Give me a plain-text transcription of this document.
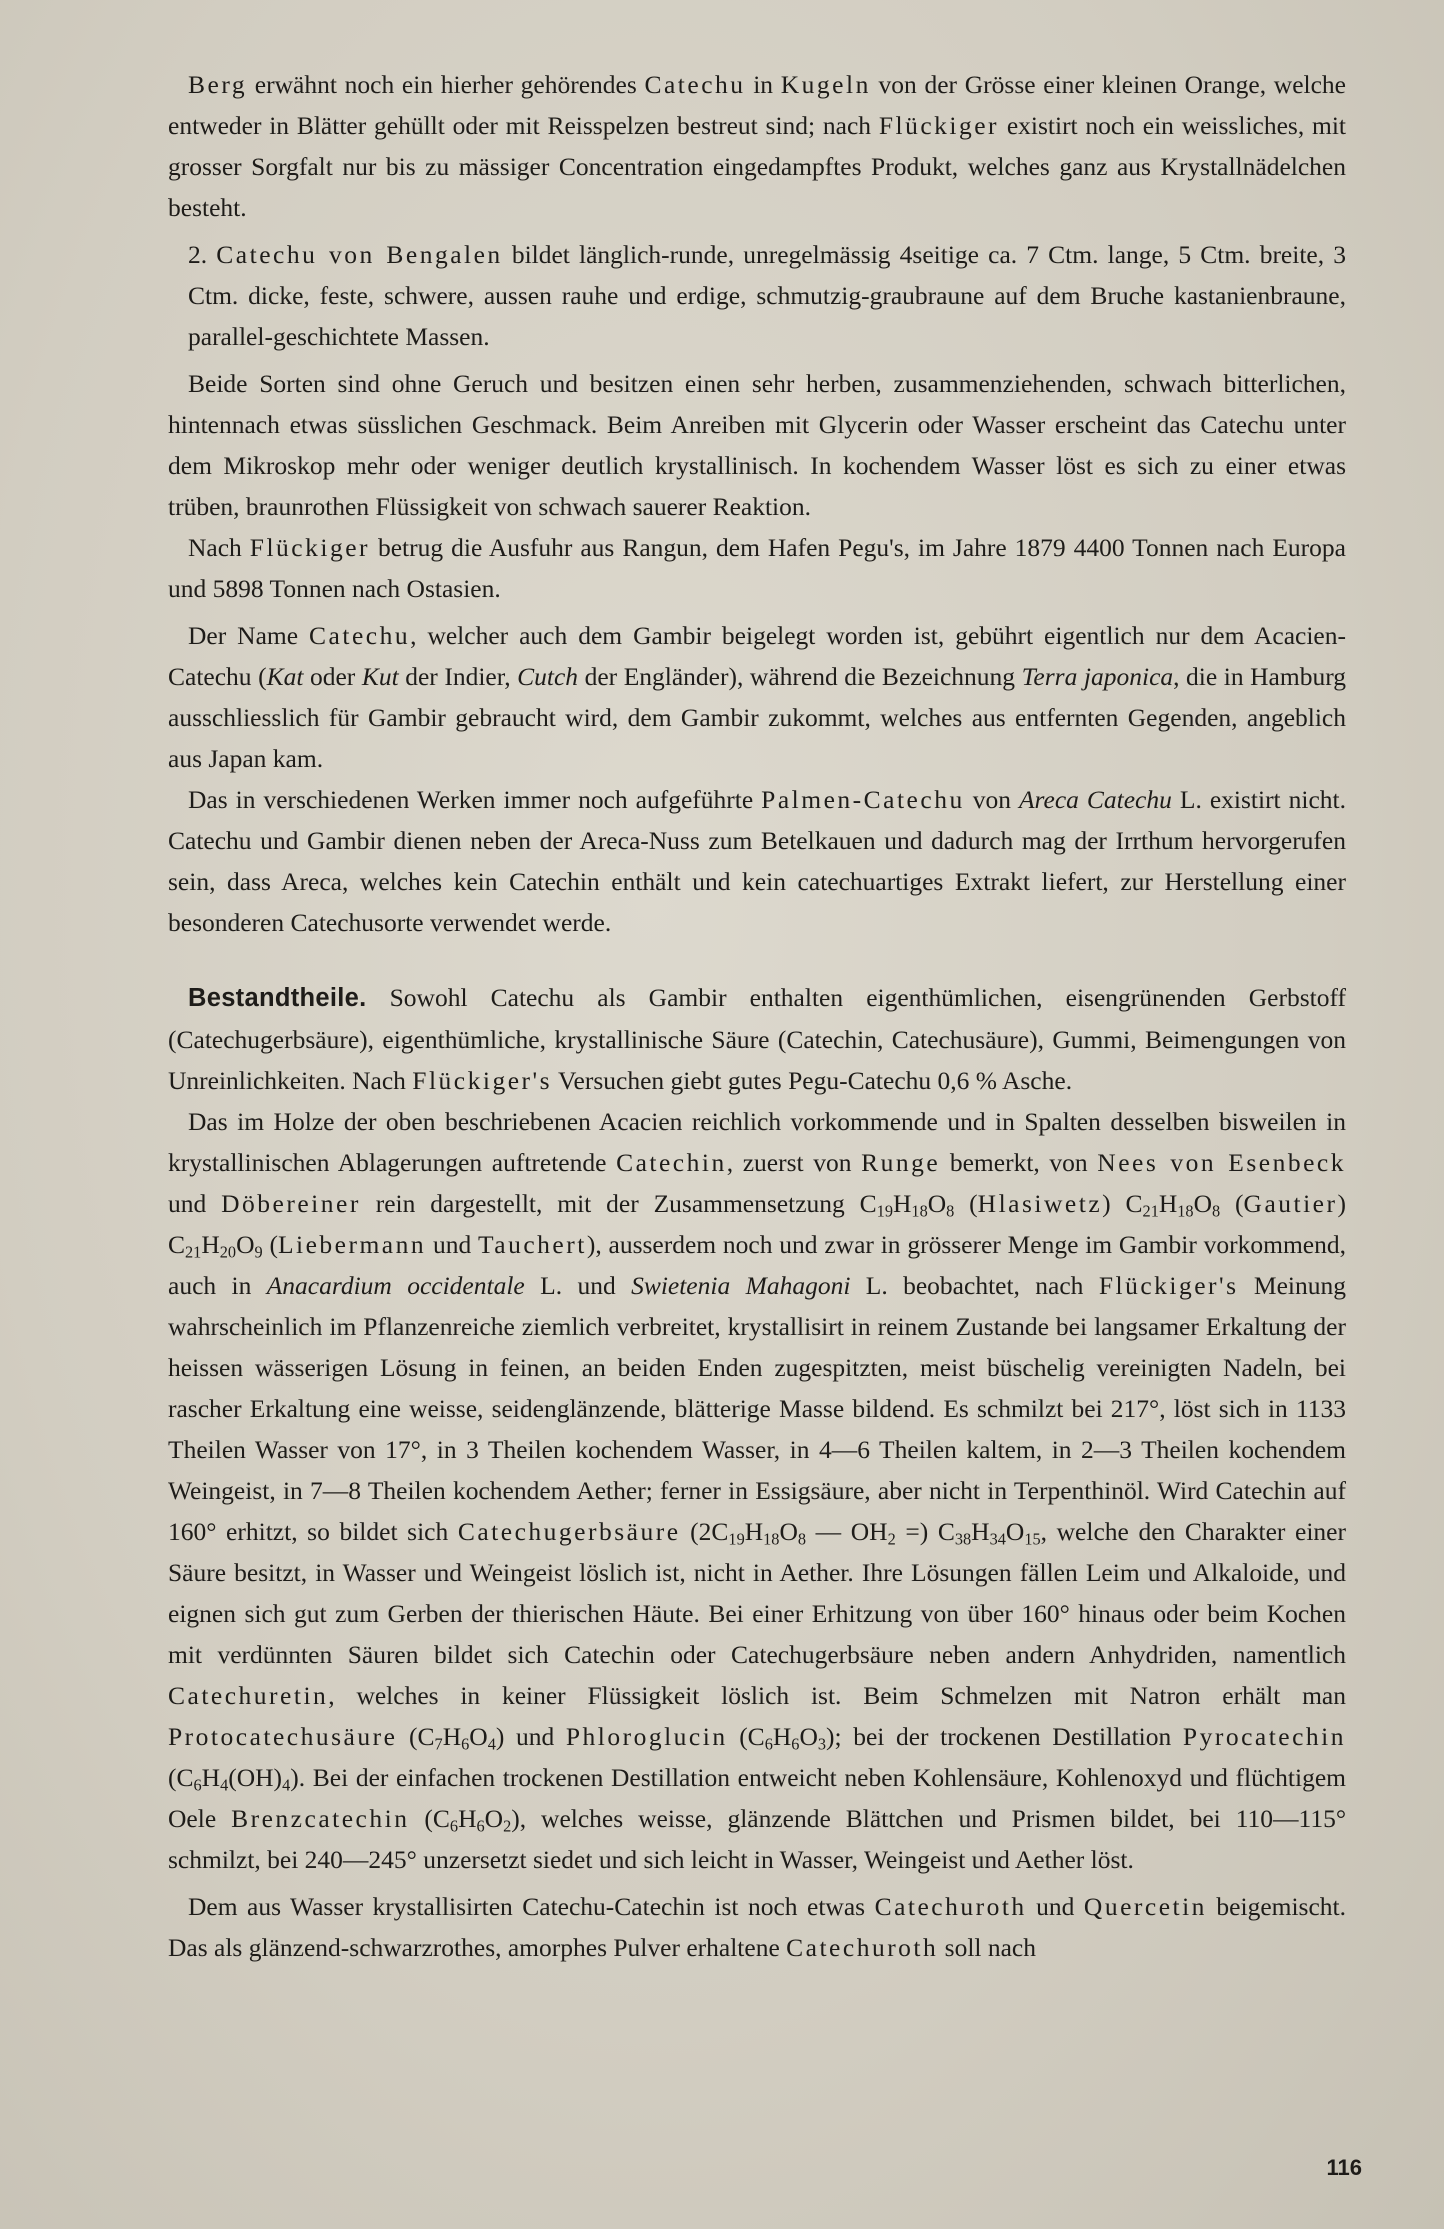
Berg erwähnt noch ein hierher gehörendes Catechu in Kugeln von der Grösse einer kleinen Orange, welche entweder in Blätter gehüllt oder mit Reisspelzen bestreut sind; nach Flückiger existirt noch ein weissliches, mit grosser Sorgfalt nur bis zu mässiger Concentration eingedampftes Produkt, welches ganz aus Krystallnädelchen besteht.

2. Catechu von Bengalen bildet länglich-runde, unregelmässig 4seitige ca. 7 Ctm. lange, 5 Ctm. breite, 3 Ctm. dicke, feste, schwere, aussen rauhe und erdige, schmutzig-graubraune auf dem Bruche kastanienbraune, parallel-geschichtete Massen.

Beide Sorten sind ohne Geruch und besitzen einen sehr herben, zusammenziehenden, schwach bitterlichen, hintennach etwas süsslichen Geschmack. Beim Anreiben mit Glycerin oder Wasser erscheint das Catechu unter dem Mikroskop mehr oder weniger deutlich krystallinisch. In kochendem Wasser löst es sich zu einer etwas trüben, braunrothen Flüssigkeit von schwach sauerer Reaktion.

Nach Flückiger betrug die Ausfuhr aus Rangun, dem Hafen Pegu's, im Jahre 1879 4400 Tonnen nach Europa und 5898 Tonnen nach Ostasien.

Der Name Catechu, welcher auch dem Gambir beigelegt worden ist, gebührt eigentlich nur dem Acacien-Catechu (Kat oder Kut der Indier, Cutch der Engländer), während die Bezeichnung Terra japonica, die in Hamburg ausschliesslich für Gambir gebraucht wird, dem Gambir zukommt, welches aus entfernten Gegenden, angeblich aus Japan kam.

Das in verschiedenen Werken immer noch aufgeführte Palmen-Catechu von Areca Catechu L. existirt nicht. Catechu und Gambir dienen neben der Areca-Nuss zum Betelkauen und dadurch mag der Irrthum hervorgerufen sein, dass Areca, welches kein Catechin enthält und kein catechuartiges Extrakt liefert, zur Herstellung einer besonderen Catechusorte verwendet werde.

Bestandtheile. Sowohl Catechu als Gambir enthalten eigenthümlichen, eisengrünenden Gerbstoff (Catechugerbsäure), eigenthümliche, krystallinische Säure (Catechin, Catechusäure), Gummi, Beimengungen von Unreinlichkeiten. Nach Flückiger's Versuchen giebt gutes Pegu-Catechu 0,6 % Asche.

Das im Holze der oben beschriebenen Acacien reichlich vorkommende und in Spalten desselben bisweilen in krystallinischen Ablagerungen auftretende Catechin, zuerst von Runge bemerkt, von Nees von Esenbeck und Döbereiner rein dargestellt, mit der Zusammensetzung $C_{19}H_{18}O_8$ (Hlasiwetz) $C_{21}H_{18}O_8$ (Gautier) $C_{21}H_{20}O_9$ (Liebermann und Tauchert), ausserdem noch und zwar in grösserer Menge im Gambir vorkommend, auch in Anacardium occidentale L. und Swietenia Mahagoni L. beobachtet, nach Flückiger's Meinung wahrscheinlich im Pflanzenreiche ziemlich verbreitet, krystallisirt in reinem Zustande bei langsamer Erkaltung der heissen wässerigen Lösung in feinen, an beiden Enden zugespitzten, meist büschelig vereinigten Nadeln, bei rascher Erkaltung eine weisse, seidenglänzende, blätterige Masse bildend. Es schmilzt bei 217°, löst sich in 1133 Theilen Wasser von 17°, in 3 Theilen kochendem Wasser, in 4—6 Theilen kaltem, in 2—3 Theilen kochendem Weingeist, in 7—8 Theilen kochendem Aether; ferner in Essigsäure, aber nicht in Terpenthinöl. Wird Catechin auf 160° erhitzt, so bildet sich Catechugerbsäure ($2C_{19}H_{18}O_8$ — $OH_2$ =) $C_{38}H_{34}O_{15}$, welche den Charakter einer Säure besitzt, in Wasser und Weingeist löslich ist, nicht in Aether. Ihre Lösungen fällen Leim und Alkaloide, und eignen sich gut zum Gerben der thierischen Häute. Bei einer Erhitzung von über 160° hinaus oder beim Kochen mit verdünnten Säuren bildet sich Catechin oder Catechugerbsäure neben andern Anhydriden, namentlich Catechuretin, welches in keiner Flüssigkeit löslich ist. Beim Schmelzen mit Natron erhält man Protocatechusäure $(C_7H_6O_4)$ und Phloroglucin $(C_6H_6O_3)$; bei der trockenen Destillation Pyrocatechin $(C_6H_4(OH)_4)$. Bei der einfachen trockenen Destillation entweicht neben Kohlensäure, Kohlenoxyd und flüchtigem Oele Brenzcatechin $(C_6H_6O_2)$, welches weisse, glänzende Blättchen und Prismen bildet, bei 110—115° schmilzt, bei 240—245° unzersetzt siedet und sich leicht in Wasser, Weingeist und Aether löst.

Dem aus Wasser krystallisirten Catechu-Catechin ist noch etwas Catechuroth und Quercetin beigemischt. Das als glänzend-schwarzrothes, amorphes Pulver erhaltene Catechuroth soll nach

116
